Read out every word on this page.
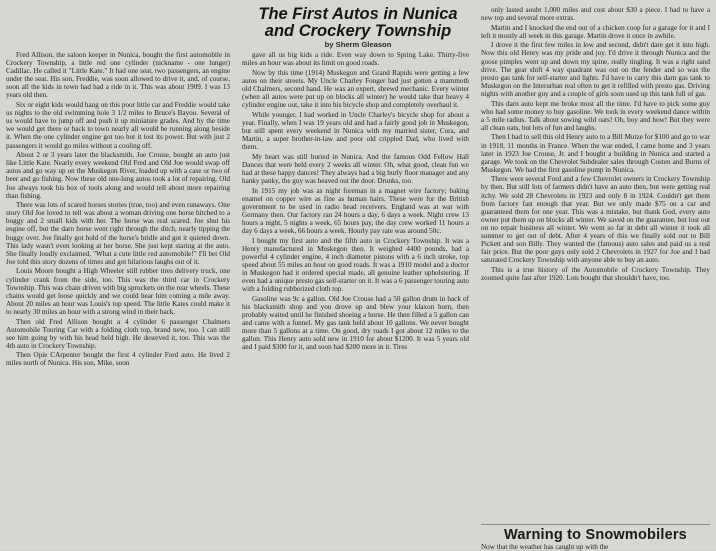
The First Autos in Nunica
and Crockery Township
by Sherm Gleason

Fred Allison, the saloon keeper in Nunica, bought the first automobile in Crockery Township, a little red one cylinder (nickname - one lunger) Cadillac. He called it "Little Kate." It had one seat, two passengers, an engine under the seat. His son, Freddie, was soon allowed to drive it, and, of course, soon all the kids in town had had a ride in it. This was about 1909. I was 13 years old then.

Six or eight kids would hang on this poor little car and Freddie would take us nights to the old swimming hole 3 1/2 miles to Bruce's Bayou. Several of us would have to jump off and push it up miniature grades. And by the time we would get there or back to town nearly all would be running along beside it. When the one cylinder engine got too hot it lost its power. But with just 2 passengers it would go miles without a cooling off.

About 2 or 3 years later the blacksmith, Joe Crouse, bought an auto just like Little Kate. Nearly every weekend Old Fred and Old Joe would swap off autos and go way up on the Muskegon River, loaded up with a case or two of beer and go fishing. Now these old one-lung autos took a lot of repairing. Old Joe always took his box of tools along and would tell about more repairing than fishing.

There was lots of scared horses stories (true, too) and even runaways. One story Old Joe loved to tell was about a woman driving one horse hitched to a buggy and 2 small kids with her. The horse was real scared. Joe shut his engine off, but the darn horse went right through the ditch, nearly tipping the buggy over. Joe finally got hold of the horse's bridle and got it quieted down. This lady wasn't even looking at her horse. She just kept staring at the auto. She finally loudly exclaimed, "What a cute little red automobile!" I'll bet Old Joe told this story dozens of times and got hilarious laughs out of it.

Louis Moore bought a High Wheeler still rubber tires delivery truck, one cylinder crank from the side, too. This was the third car in Crockery Township. This was chain driven with big sprockets on the rear wheels. These chains would get loose quickly and we could hear him coming a mile away. About 20 miles an hour was Louis's top speed. The little Kates could make it to nearly 30 miles an hour with a strong wind in their back.

Then old Fred Allison bought a 4 cylinder 6 passenger Chalmers Automobile Touring Car with a folding cloth top, brand new, too. I can still see him going by with his head held high. He deserved it, too. This was the 4th auto in Crockery Township.

Then Opie CArpenter bought the first 4 cylinder Ford auto. He lived 2 miles north of Nunica. His son, Mike, soon

gave all us big kids a ride. Even way down to Spring Lake. Thirty-five miles an hour was about its limit on good roads.

Now by this time (1914) Muskegon and Grand Rapids were getting a few autos on their streets. My Uncle Charley Fonger had just gotten a mammoth old Chalmers, second hand. He was an expert, shrewd mechanic. Every winter (when all autos were put up on blocks all winter) he would take that heavy 4 cylinder engine out, take it into his bicycle shop and completely overhaul it.

While younger, I had worked in Uncle Charley's bicycle shop for about a year. Finally, when I was 19 years old and had a fairly good job in Muskegon, but still spent every weekend in Nunica with my married sister, Cora, and Martin, a super brother-in-law and poor old crippled Dad, who lived with them.

My heart was still buried in Nunica. And the famous Odd Fellow Hall Dances that were held every 2 weeks all winter. Oh, what good, clean fun we had at these happy dances! They always had a big burly floor manager and any hanky panky, the guy was heaved out the door. Drunks, too.

In 1915 my job was as night foreman in a magnet wire factory; baking enamel on copper wire as fine as human hairs. These were for the British government to be used in radio head receivers. England was at war with Germany then. Our factory ran 24 hours a day, 6 days a week. Night crew 13 hours a night, 5 nights a week, 65 hours pay, the day crew worked 11 hours a day 6 days a week, 66 hours a week. Hourly pay rate was around 50c.

I bought my first auto and the fifth auto in Crockery Township. It was a Henry manufactured in Muskegon then. It weighed 4400 pounds, had a powerful 4 cylinder engine, 4 inch diameter pistons with a 6 inch stroke, top speed about 55 miles an hour on good roads. It was a 1910 model and a doctor in Muskegon had it ordered special made, all genuine leather upholstering. If even had a unique presto gas self-starter on it. It was a 6 passenger touring auto with a folding rubberized cloth top.

Gasoline was 9c a gallon. Old Joe Crouse had a 50 gallon drum in back of his blacksmith shop and you drove up and blew your klaxon horn, then probably waited until he finished shoeing a horse. He then filled a 5 gallon can and came with a funnel. My gas tank held about 10 gallons. We never bought more than 5 gallons at a time. On good, dry roads I got about 12 miles to the gallon. This Henry auto sold new in 1910 for about $1200. It was 5 years old and I paid $300 for it, and soon had $200 more in it. Tires

only lasted aoubt 1,000 miles and cost about $30 a piece. I had to have a new top and several more extras.

Martin and I knocked the end out of a chicken coop for a garage for it and I left it mostly all week in this garage. Martin drove it once in awhile.

I drove it the first few miles in low and second, didn't dare get it into high. Now this old Henry was my pride and joy. I'd drive it through Nunica and the goose pimples went up and down my spine, really tingling. It was a right sand drive. The gear shift 4 way quadrant was out on the fender and so was the presto gas tank for self-starter and lights. I'd have to carry this darn gas tank to Muskegon on the Interurban real often to get it refilled with presto gas. Driving nights with another guy and a couple of girls soon used up this tank full of gas.

This darn auto kept me broke most all the time. I'd have to pick some guy who had some money to buy gasoline. We took in every weekend dance within a 5 mile radius. Talk about sowing wild oats! Oh, boy and how! But they were all clean oats, but lots of fun and laughs.

Then I had to sell this old Henry auto to a Bill Mutze for $100 and go to war in 1918, 11 months in France. When the war ended, I came home and 3 years later in 1923 Joe Crouse, Jr. and I bought a building in Nunica and started a garage. We took on the Chevrolet Subdealer sales through Costen and Burns of Muskegon. We had the first gasoline pump in Nunica.

There were several Ford and a few Chevrolet owners in Crockery Township by then. But still lots of farmers didn't have an auto then, but were getting real itchy. We sold 28 Chevrolets in 1923 and only 8 in 1924. Couldn't get them from factory fast enough that year. But we only made $75 on a car and guaranteed them for one year. This was a mistake, but thank God, every auto owner put them up on blocks all winter. We saved on the guarantee, but lost out on no repair business all winter. We went so far in debt all winter it took all summer to get out of debt. After 4 years of this we finally sold out to Bill Pickett and son Billy. They wanted the (famous) auto sales and paid us a real fair price. But the poor guys only sold 2 Chevrolets in 1927 for Joe and I had saturated Crockery Township with anyone able to buy an auto.

This is a true history of the Automobile of Crockery Township. They zoomed quite fast after 1920. Lots bought that shouldn't have, too.

Warning to Snowmobilers
Now that the weather has caught up with the
